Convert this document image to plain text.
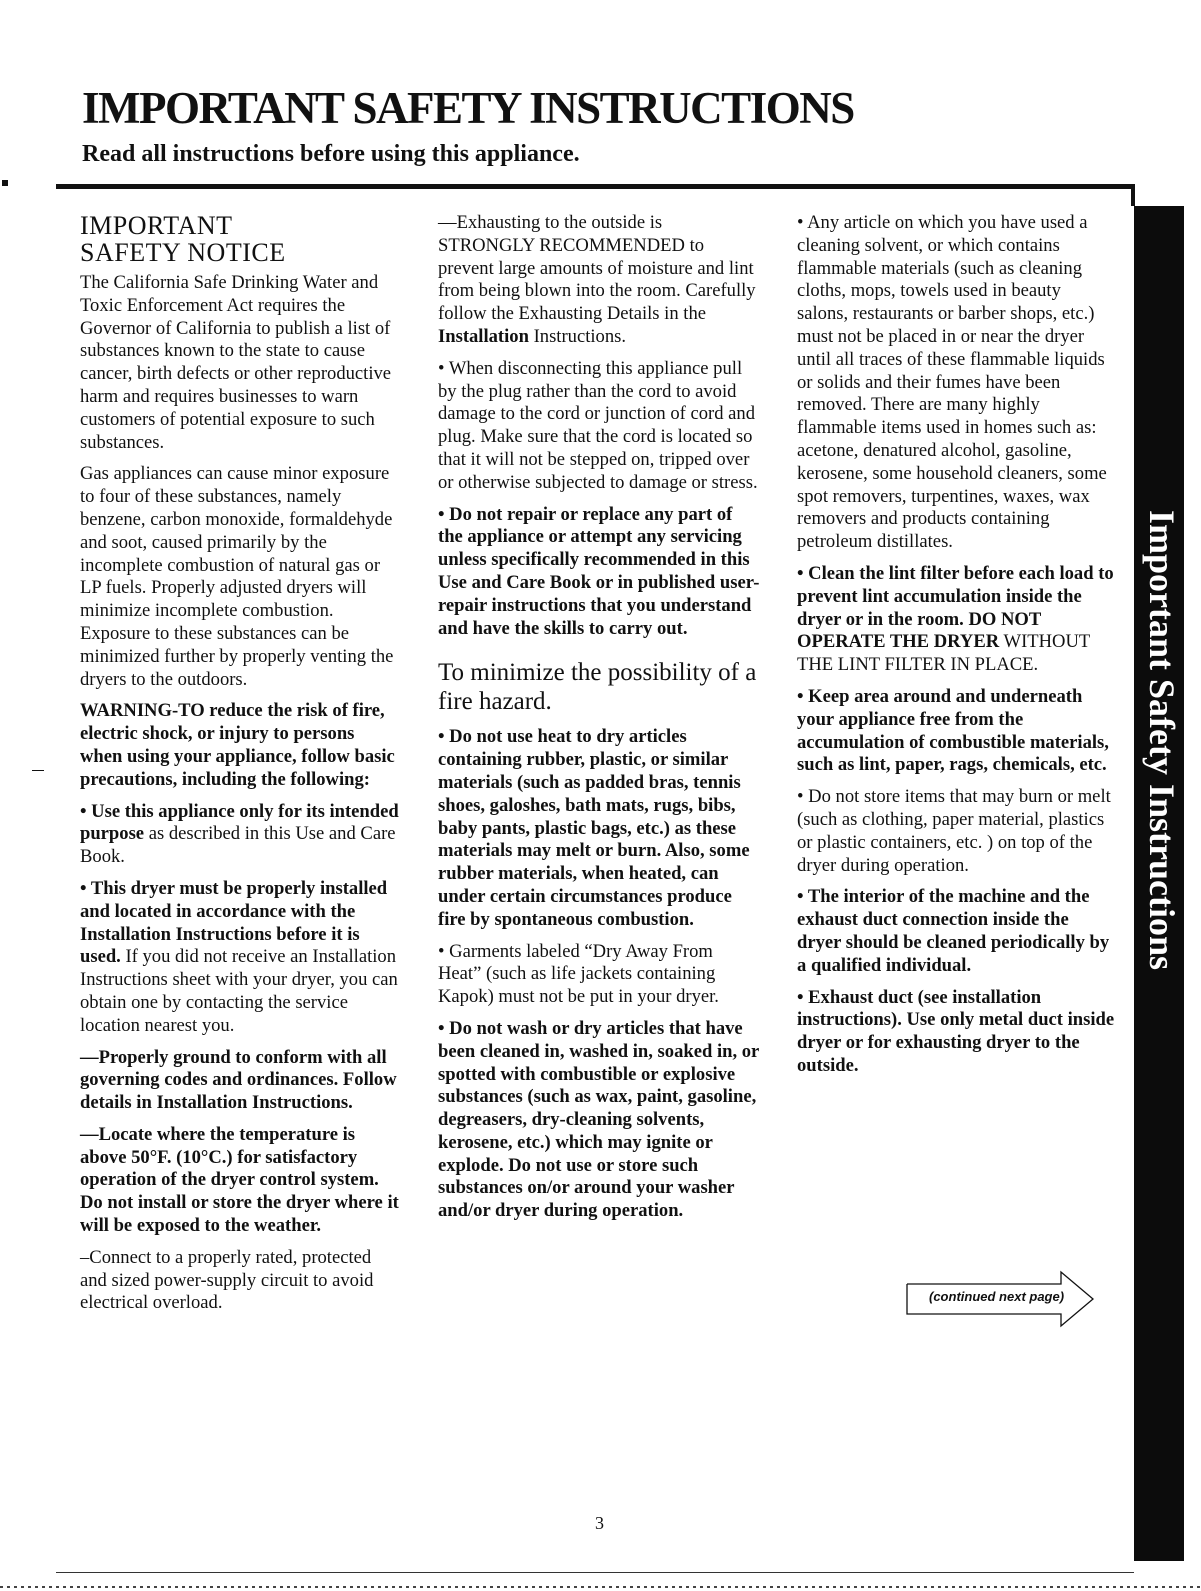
IMPORTANT SAFETY INSTRUCTIONS
Read all instructions before using this appliance.
Important Safety Instructions
IMPORTANT
SAFETY NOTICE

The California Safe Drinking Water and Toxic Enforcement Act requires the Governor of California to publish a list of substances known to the state to cause cancer, birth defects or other reproductive harm and requires businesses to warn customers of potential exposure to such substances.

Gas appliances can cause minor exposure to four of these substances, namely benzene, carbon monoxide, formaldehyde and soot, caused primarily by the incomplete combustion of natural gas or LP fuels. Properly adjusted dryers will minimize incomplete combustion. Exposure to these substances can be minimized further by properly venting the dryers to the outdoors.

WARNING-TO reduce the risk of fire, electric shock, or injury to persons when using your appliance, follow basic precautions, including the following:

• Use this appliance only for its intended purpose as described in this Use and Care Book.

• This dryer must be properly installed and located in accordance with the Installation Instructions before it is used. If you did not receive an Installation Instructions sheet with your dryer, you can obtain one by contacting the service location nearest you.

—Properly ground to conform with all governing codes and ordinances. Follow details in Installation Instructions.

—Locate where the temperature is above 50°F. (10°C.) for satisfactory operation of the dryer control system. Do not install or store the dryer where it will be exposed to the weather.

–Connect to a properly rated, protected and sized power-supply circuit to avoid electrical overload.

—Exhausting to the outside is STRONGLY RECOMMENDED to prevent large amounts of moisture and lint from being blown into the room. Carefully follow the Exhausting Details in the Installation Instructions.

• When disconnecting this appliance pull by the plug rather than the cord to avoid damage to the cord or junction of cord and plug. Make sure that the cord is located so that it will not be stepped on, tripped over or otherwise subjected to damage or stress.

• Do not repair or replace any part of the appliance or attempt any servicing unless specifically recommended in this Use and Care Book or in published user-repair instructions that you understand and have the skills to carry out.

To minimize the possibility of a fire hazard.

• Do not use heat to dry articles containing rubber, plastic, or similar materials (such as padded bras, tennis shoes, galoshes, bath mats, rugs, bibs, baby pants, plastic bags, etc.) as these materials may melt or burn. Also, some rubber materials, when heated, can under certain circumstances produce fire by spontaneous combustion.

• Garments labeled “Dry Away From Heat” (such as life jackets containing Kapok) must not be put in your dryer.

• Do not wash or dry articles that have been cleaned in, washed in, soaked in, or spotted with combustible or explosive substances (such as wax, paint, gasoline, degreasers, dry-cleaning solvents, kerosene, etc.) which may ignite or explode. Do not use or store such substances on/or around your washer and/or dryer during operation.

• Any article on which you have used a cleaning solvent, or which contains flammable materials (such as cleaning cloths, mops, towels used in beauty salons, restaurants or barber shops, etc.) must not be placed in or near the dryer until all traces of these flammable liquids or solids and their fumes have been removed. There are many highly flammable items used in homes such as: acetone, denatured alcohol, gasoline, kerosene, some household cleaners, some spot removers, turpentines, waxes, wax removers and products containing petroleum distillates.

• Clean the lint filter before each load to prevent lint accumulation inside the dryer or in the room. DO NOT OPERATE THE DRYER WITHOUT THE LINT FILTER IN PLACE.

• Keep area around and underneath your appliance free from the accumulation of combustible materials, such as lint, paper, rags, chemicals, etc.

• Do not store items that may burn or melt (such as clothing, paper material, plastics or plastic containers, etc. ) on top of the dryer during operation.

• The interior of the machine and the exhaust duct connection inside the dryer should be cleaned periodically by a qualified individual.

• Exhaust duct (see installation instructions). Use only metal duct inside dryer or for exhausting dryer to the outside.

(continued next page)
3
